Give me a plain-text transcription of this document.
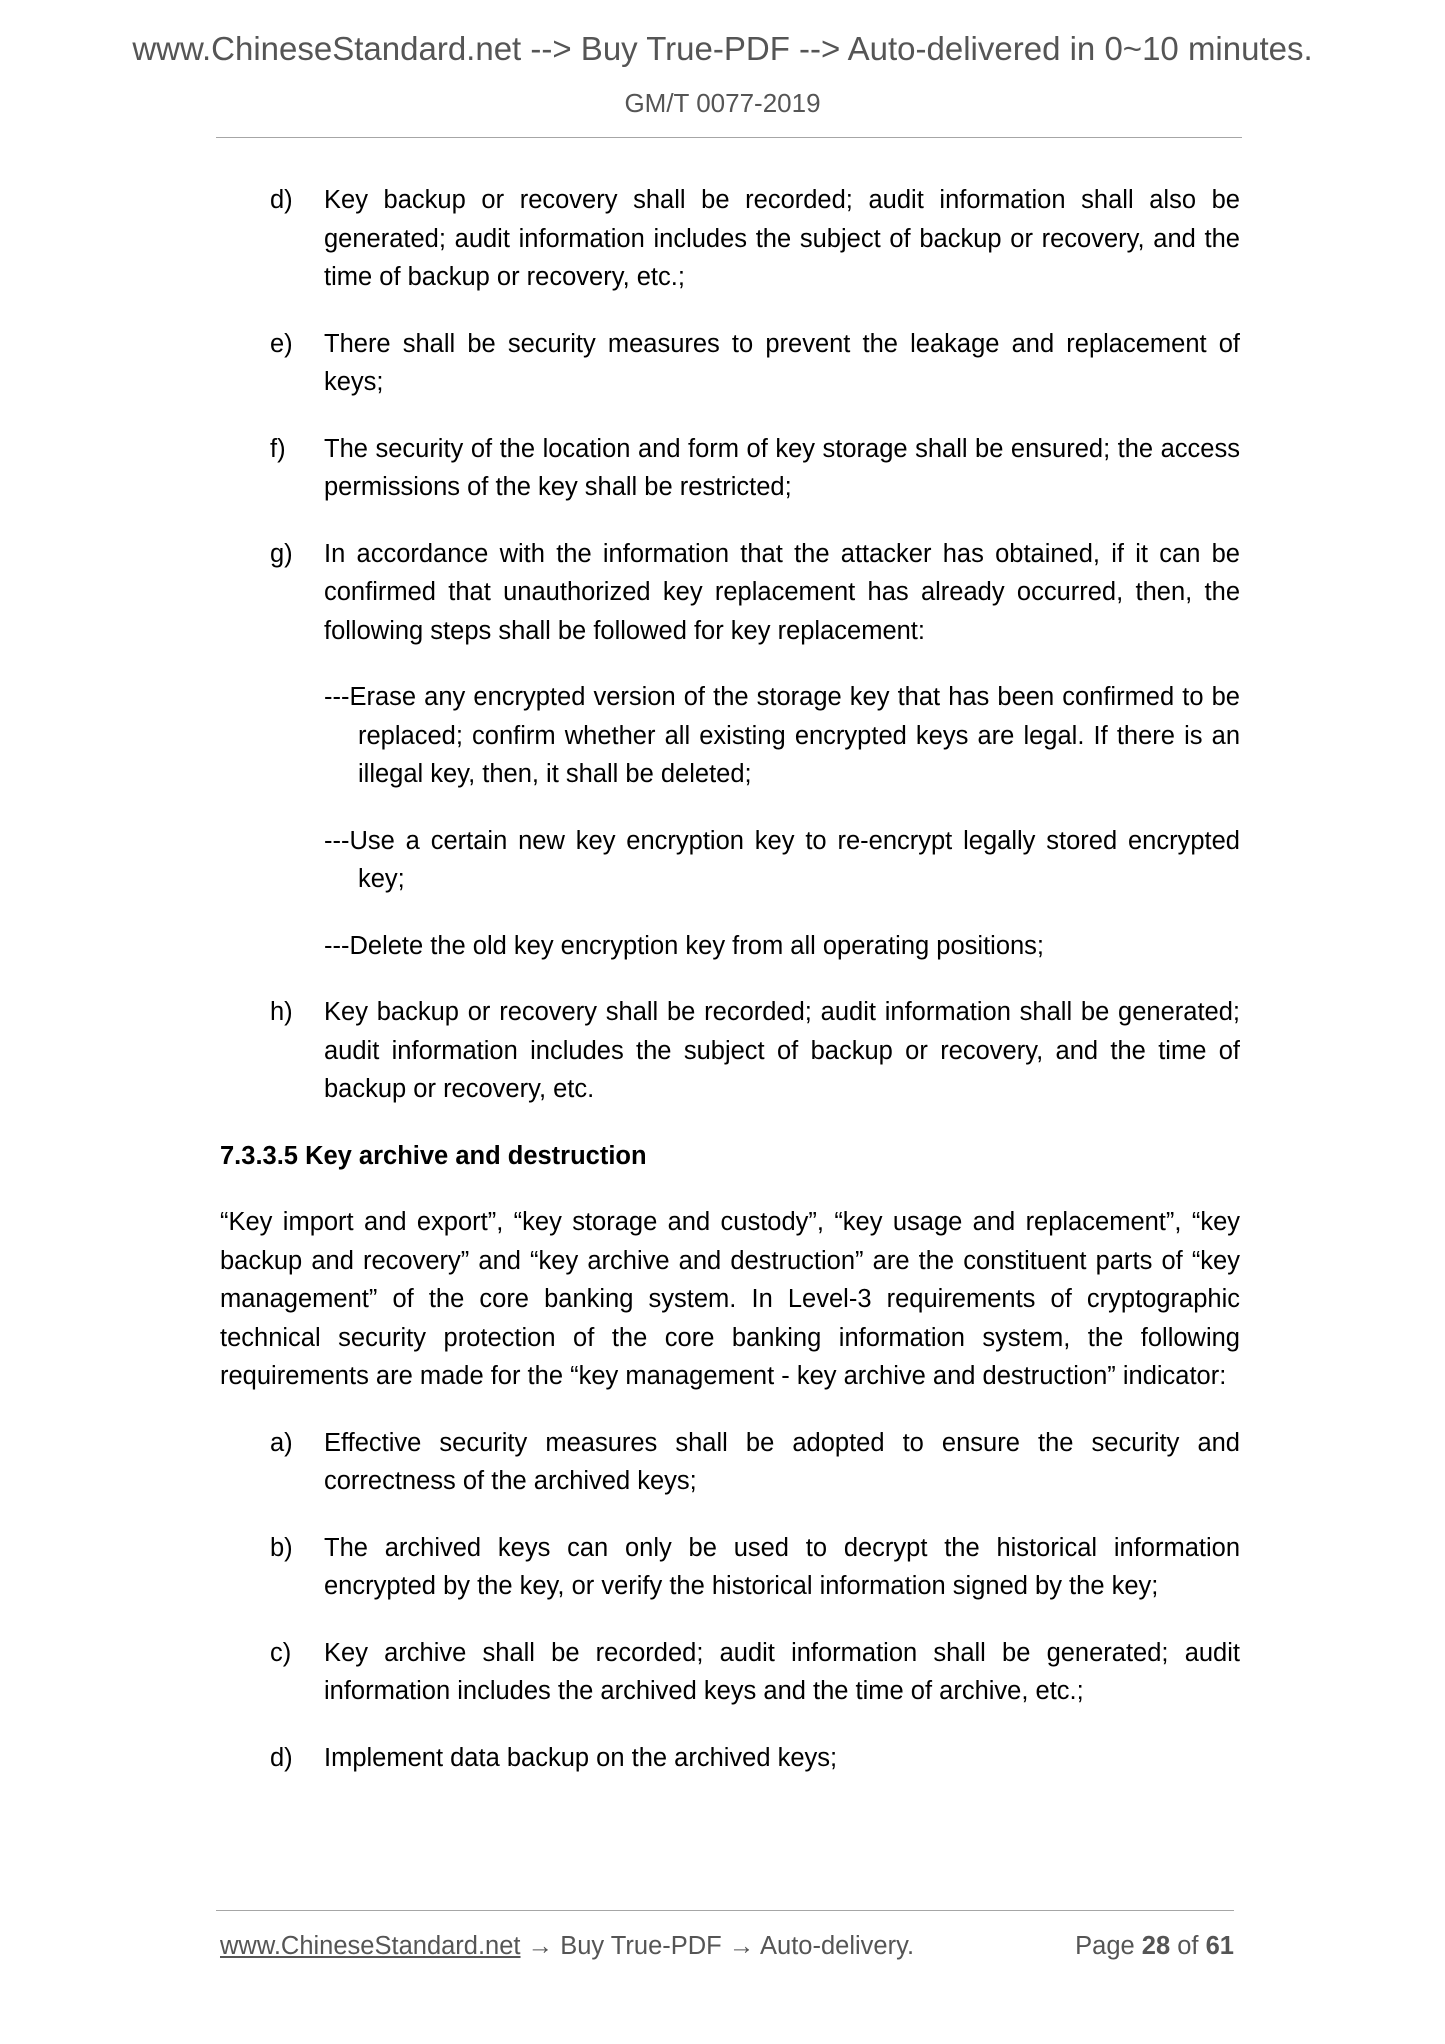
www.ChineseStandard.net --> Buy True-PDF --> Auto-delivered in 0~10 minutes.
GM/T 0077-2019
d) Key backup or recovery shall be recorded; audit information shall also be generated; audit information includes the subject of backup or recovery, and the time of backup or recovery, etc.;
e) There shall be security measures to prevent the leakage and replacement of keys;
f) The security of the location and form of key storage shall be ensured; the access permissions of the key shall be restricted;
g) In accordance with the information that the attacker has obtained, if it can be confirmed that unauthorized key replacement has already occurred, then, the following steps shall be followed for key replacement:
---Erase any encrypted version of the storage key that has been confirmed to be replaced; confirm whether all existing encrypted keys are legal. If there is an illegal key, then, it shall be deleted;
---Use a certain new key encryption key to re-encrypt legally stored encrypted key;
---Delete the old key encryption key from all operating positions;
h) Key backup or recovery shall be recorded; audit information shall be generated; audit information includes the subject of backup or recovery, and the time of backup or recovery, etc.
7.3.3.5 Key archive and destruction
“Key import and export”, “key storage and custody”, “key usage and replacement”, “key backup and recovery” and “key archive and destruction” are the constituent parts of “key management” of the core banking system. In Level-3 requirements of cryptographic technical security protection of the core banking information system, the following requirements are made for the “key management - key archive and destruction” indicator:
a) Effective security measures shall be adopted to ensure the security and correctness of the archived keys;
b) The archived keys can only be used to decrypt the historical information encrypted by the key, or verify the historical information signed by the key;
c) Key archive shall be recorded; audit information shall be generated; audit information includes the archived keys and the time of archive, etc.;
d) Implement data backup on the archived keys;
www.ChineseStandard.net → Buy True-PDF → Auto-delivery.	Page 28 of 61
